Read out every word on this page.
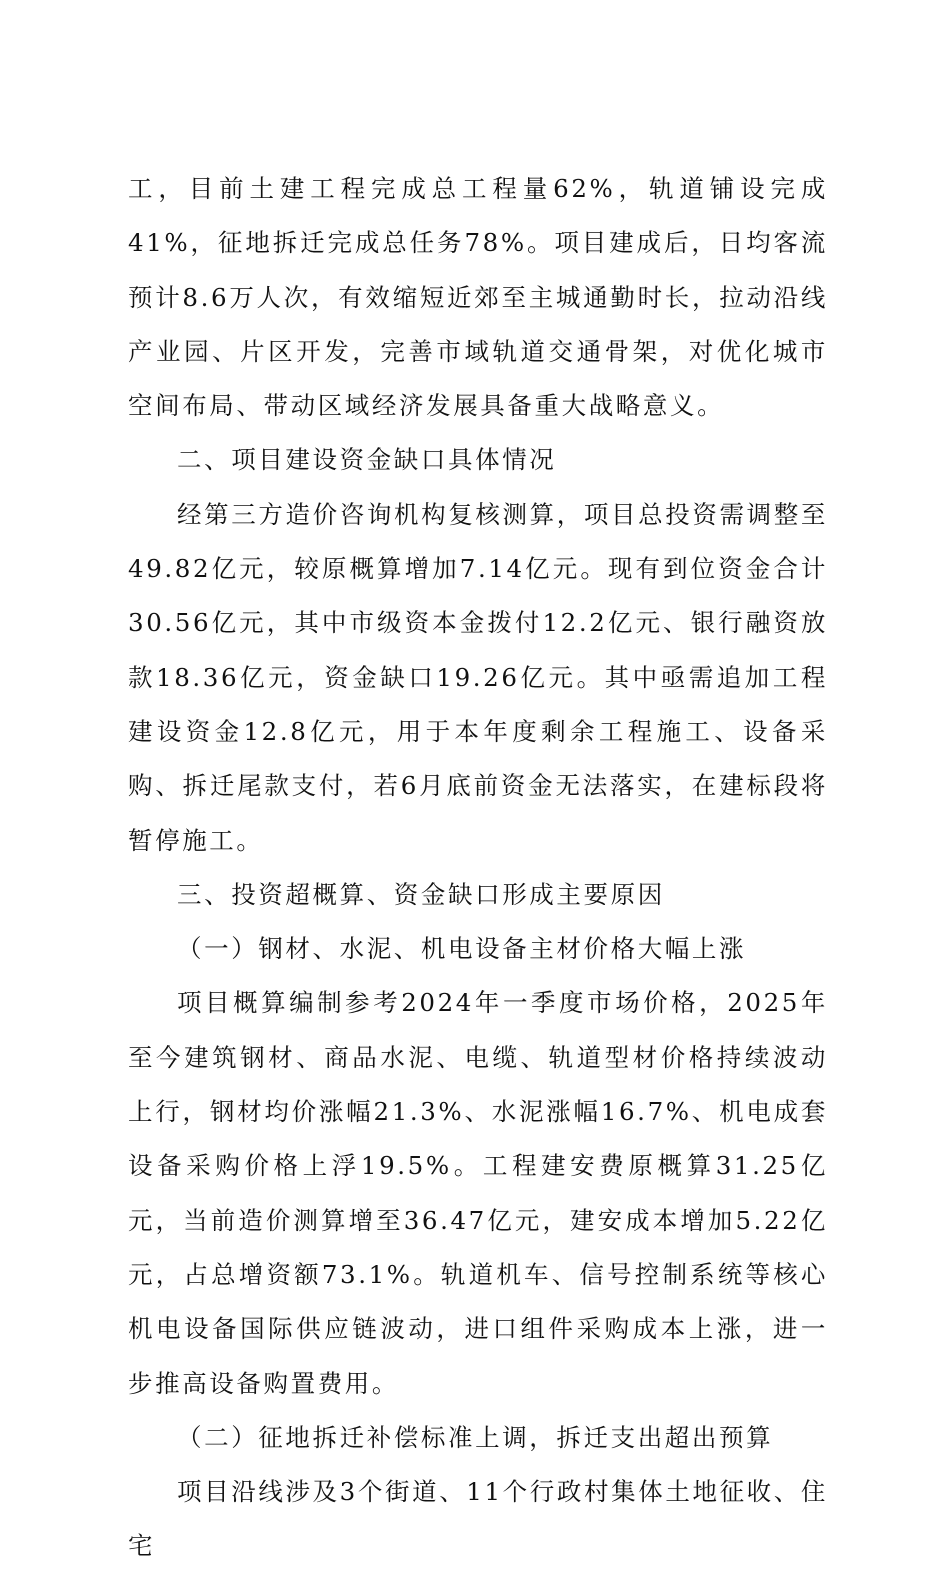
工，目前土建工程完成总工程量62%，轨道铺设完成41%，征地拆迁完成总任务78%。项目建成后，日均客流预计8.6万人次，有效缩短近郊至主城通勤时长，拉动沿线产业园、片区开发，完善市域轨道交通骨架，对优化城市空间布局、带动区域经济发展具备重大战略意义。

二、项目建设资金缺口具体情况

经第三方造价咨询机构复核测算，项目总投资需调整至49.82亿元，较原概算增加7.14亿元。现有到位资金合计30.56亿元，其中市级资本金拨付12.2亿元、银行融资放款18.36亿元，资金缺口19.26亿元。其中亟需追加工程建设资金12.8亿元，用于本年度剩余工程施工、设备采购、拆迁尾款支付，若6月底前资金无法落实，在建标段将暂停施工。

三、投资超概算、资金缺口形成主要原因

（一）钢材、水泥、机电设备主材价格大幅上涨

项目概算编制参考2024年一季度市场价格，2025年至今建筑钢材、商品水泥、电缆、轨道型材价格持续波动上行，钢材均价涨幅21.3%、水泥涨幅16.7%、机电成套设备采购价格上浮19.5%。工程建安费原概算31.25亿元，当前造价测算增至36.47亿元，建安成本增加5.22亿元，占总增资额73.1%。轨道机车、信号控制系统等核心机电设备国际供应链波动，进口组件采购成本上涨，进一步推高设备购置费用。

（二）征地拆迁补偿标准上调，拆迁支出超出预算

项目沿线涉及3个街道、11个行政村集体土地征收、住宅
